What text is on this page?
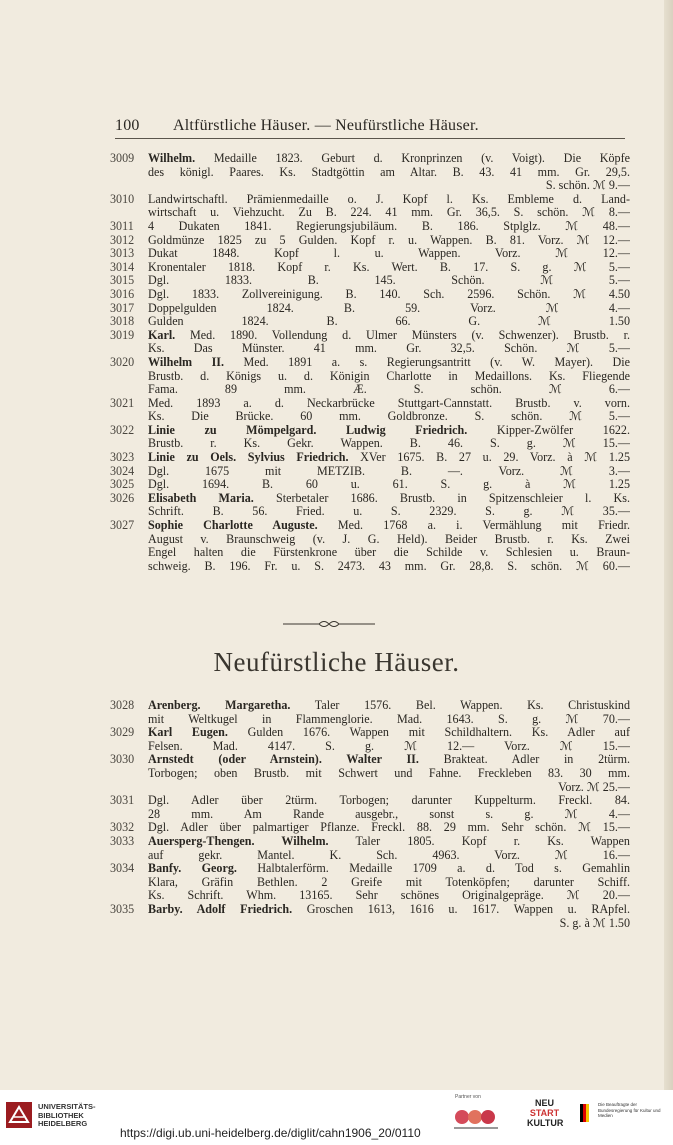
100 Altfürstliche Häuser. — Neufürstliche Häuser.
3009	Wilhelm. Medaille 1823. Geburt d. Kronprinzen (v. Voigt). Die Köpfe
des königl. Paares. Ks. Stadtgöttin am Altar. B. 43. 41 mm. Gr. 29,5.
S. schön. ℳ 9.—
3010	Landwirtschaftl. Prämienmedaille o. J. Kopf l. Ks. Embleme d. Land-
wirtschaft u. Viehzucht. Zu B. 224. 41 mm. Gr. 36,5. S. schön. ℳ 8.—
3011	4 Dukaten 1841. Regierungsjubiläum. B. 186. Stplglz. ℳ 48.—
3012	Goldmünze 1825 zu 5 Gulden. Kopf r. u. Wappen. B. 81. Vorz. ℳ 12.—
3013	Dukat 1848. Kopf l. u. Wappen. Vorz. ℳ 12.—
3014	Kronentaler 1818. Kopf r. Ks. Wert. B. 17. S. g. ℳ 5.—
3015	Dgl. 1833. B. 145. Schön. ℳ 5.—
3016	Dgl. 1833. Zollvereinigung. B. 140. Sch. 2596. Schön. ℳ 4.50
3017	Doppelgulden 1824. B. 59. Vorz. ℳ 4.—
3018	Gulden 1824. B. 66. G. ℳ 1.50
3019	Karl. Med. 1890. Vollendung d. Ulmer Münsters (v. Schwenzer). Brustb. r.
Ks. Das Münster. 41 mm. Gr. 32,5. Schön. ℳ 5.—
3020	Wilhelm II. Med. 1891 a. s. Regierungsantritt (v. W. Mayer). Die
Brustb. d. Königs u. d. Königin Charlotte in Medaillons. Ks. Fliegende
Fama. 89 mm. Æ. S. schön. ℳ 6.—
3021	Med. 1893 a. d. Neckarbrücke Stuttgart-Cannstatt. Brustb. v. vorn.
Ks. Die Brücke. 60 mm. Goldbronze. S. schön. ℳ 5.—
3022	Linie zu Mömpelgard. Ludwig Friedrich. Kipper-Zwölfer 1622.
Brustb. r. Ks. Gekr. Wappen. B. 46. S. g. ℳ 15.—
3023	Linie zu Oels. Sylvius Friedrich. XVer 1675. B. 27 u. 29. Vorz. à ℳ 1.25
3024	Dgl. 1675 mit METZIB. B. —. Vorz. ℳ 3.—
3025	Dgl. 1694. B. 60 u. 61. S. g. à ℳ 1.25
3026	Elisabeth Maria. Sterbetaler 1686. Brustb. in Spitzenschleier l. Ks.
Schrift. B. 56. Fried. u. S. 2329. S. g. ℳ 35.—
3027	Sophie Charlotte Auguste. Med. 1768 a. i. Vermählung mit Friedr.
August v. Braunschweig (v. J. G. Held). Beider Brustb. r. Ks. Zwei
Engel halten die Fürstenkrone über die Schilde v. Schlesien u. Braun-
schweig. B. 196. Fr. u. S. 2473. 43 mm. Gr. 28,8. S. schön. ℳ 60.—
Neufürstliche Häuser.
3028	Arenberg. Margaretha. Taler 1576. Bel. Wappen. Ks. Christuskind
mit Weltkugel in Flammenglorie. Mad. 1643. S. g. ℳ 70.—
3029	Karl Eugen. Gulden 1676. Wappen mit Schildhaltern. Ks. Adler auf
Felsen. Mad. 4147. S. g. ℳ 12.— Vorz. ℳ 15.—
3030	Arnstedt (oder Arnstein). Walter II. Brakteat. Adler in 2türm.
Torbogen; oben Brustb. mit Schwert und Fahne. Freckleben 83. 30 mm.
Vorz. ℳ 25.—
3031	Dgl. Adler über 2türm. Torbogen; darunter Kuppelturm. Freckl. 84.
28 mm. Am Rande ausgebr., sonst s. g. ℳ 4.—
3032	Dgl. Adler über palmartiger Pflanze. Freckl. 88. 29 mm. Sehr schön. ℳ 15.—
3033	Auersperg-Thengen. Wilhelm. Taler 1805. Kopf r. Ks. Wappen
auf gekr. Mantel. K. Sch. 4963. Vorz. ℳ 16.—
3034	Banfy. Georg. Halbtalerförm. Medaille 1709 a. d. Tod s. Gemahlin
Klara, Gräfin Bethlen. 2 Greife mit Totenköpfen; darunter Schiff.
Ks. Schrift. Whm. 13165. Sehr schönes Originalgepräge. ℳ 20.—
3035	Barby. Adolf Friedrich. Groschen 1613, 1616 u. 1617. Wappen u. RApfel.
S. g. à ℳ 1.50
UNIVERSITÄTS-
BIBLIOTHEK
HEIDELBERG
https://digi.ub.uni-heidelberg.de/diglit/cahn1906_20/0110
Partner von
NEU
START
KULTUR
Die Beauftragte der Bundesregierung für Kultur und Medien
